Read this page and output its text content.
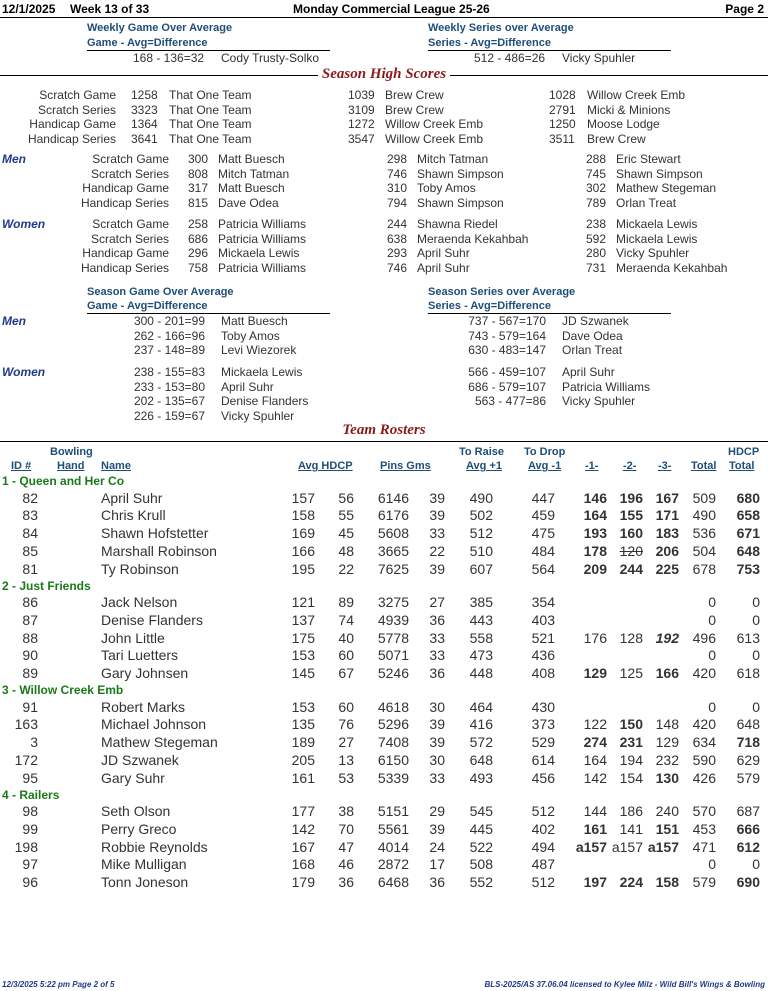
12/1/2025 Week 13 of 33	Monday Commercial League 25-26	Page 2
Weekly Game Over Average
Game - Avg=Difference
168 - 136=32 Cody Trusty-Solko
Weekly Series over Average
Series - Avg=Difference
512 - 486=26 Vicky Spuhler
Season High Scores
Scratch Game 1258 That One Team	1039 Brew Crew	1028 Willow Creek Emb
Scratch Series 3323 That One Team	3109 Brew Crew	2791 Micki & Minions
Handicap Game 1364 That One Team	1272 Willow Creek Emb	1250 Moose Lodge
Handicap Series 3641 That One Team	3547 Willow Creek Emb	3511 Brew Crew
Men	Scratch Game 300 Matt Buesch	298 Mitch Tatman	288 Eric Stewart
Scratch Series 808 Mitch Tatman	746 Shawn Simpson	745 Shawn Simpson
Handicap Game 317 Matt Buesch	310 Toby Amos	302 Mathew Stegeman
Handicap Series 815 Dave Odea	794 Shawn Simpson	789 Orlan Treat
Women	Scratch Game 258 Patricia Williams	244 Shawna Riedel	238 Mickaela Lewis
Scratch Series 686 Patricia Williams	638 Meraenda Kekahbah	592 Mickaela Lewis
Handicap Game 296 Mickaela Lewis	293 April Suhr	280 Vicky Spuhler
Handicap Series 758 Patricia Williams	746 April Suhr	731 Meraenda Kekahbah
Season Game Over Average
Game - Avg=Difference
Season Series over Average
Series - Avg=Difference
Men
Women
300 - 201=99 Matt Buesch
262 - 166=96 Toby Amos
237 - 148=89 Levi Wiezorek
737 - 567=170 JD Szwanek
743 - 579=164 Dave Odea
630 - 483=147 Orlan Treat
238 - 155=83 Mickaela Lewis
233 - 153=80 April Suhr
202 - 135=67 Denise Flanders
226 - 159=67 Vicky Spuhler
566 - 459=107 April Suhr
686 - 579=107 Patricia Williams
563 - 477=86 Vicky Spuhler
Team Rosters
Bowling
ID # Hand Name	Avg HDCP Pins Gms
To Raise
Avg +1
To Drop
Avg -1 -1- -2- -3- Total
HDCP
Total
1 - Queen and Her Co
82	April Suhr	157	56	6146	39	490	447	146 196 167 509	680
83	Chris Krull	158	55	6176	39	502	459	164 155 171 490	658
84	Shawn Hofstetter	169	45	5608	33	512	475	193 160 183 536	671
85	Marshall Robinson	166	48	3665	22	510	484	178 120 206 504	648
81	Ty Robinson	195	22	7625	39	607	564	209 244 225 678	753
2 - Just Friends
86	Jack Nelson	121	89	3275	27	385	354	0	0
87	Denise Flanders	137	74	4939	36	443	403	0	0
88	John Little	175	40	5778	33	558	521	176 128 192 496	613
90	Tari Luetters	153	60	5071	33	473	436	0	0
89	Gary Johnsen	145	67	5246	36	448	408	129 125 166 420	618
3 - Willow Creek Emb
91	Robert Marks	153	60	4618	30	464	430	0	0
163	Michael Johnson	135	76	5296	39	416	373	122 150 148 420	648
3	Mathew Stegeman	189	27	7408	39	572	529	274 231 129 634	718
172	JD Szwanek	205	13	6150	30	648	614	164 194 232 590	629
95	Gary Suhr	161	53	5339	33	493	456	142 154 130 426	579
4 - Railers
98	Seth Olson	177	38	5151	29	545	512	144 186 240 570	687
99	Perry Greco	142	70	5561	39	445	402	161 141 151 453	666
198	Robbie Reynolds	167	47	4014	24	522	494	a157 a157 a157 471	612
97	Mike Mulligan	168	46	2872	17	508	487	0	0
96	Tonn Joneson	179	36	6468	36	552	512	197 224 158 579	690
12/3/2025 5:22 pm Page 2 of 5	BLS-2025/AS 37.06.04 licensed to Kylee Milz - Wild Bill's Wings & Bowling
